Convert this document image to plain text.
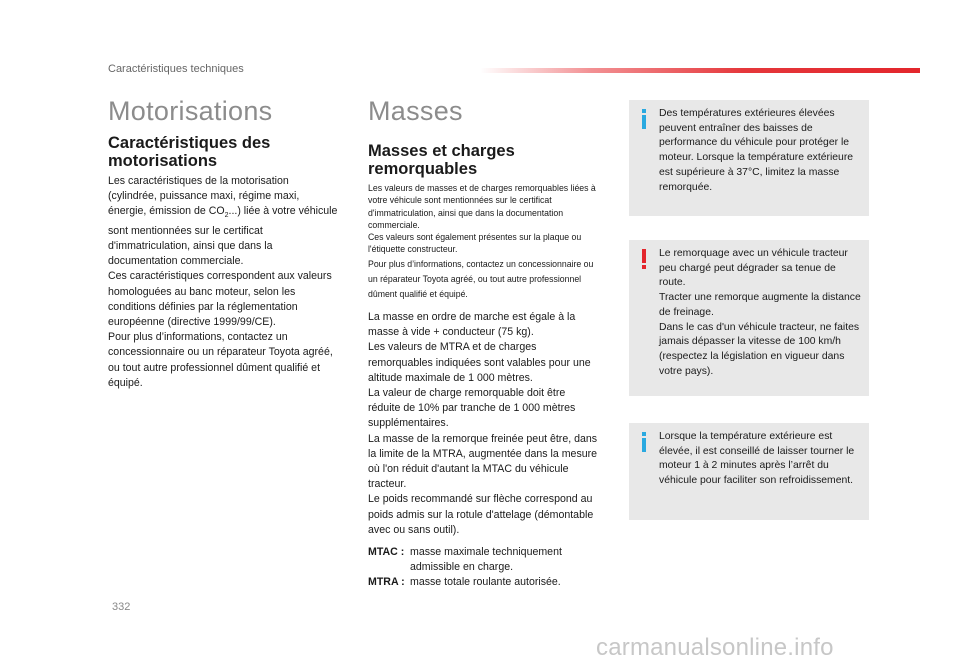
Caractéristiques techniques
Motorisations
Caractéristiques des
motorisations

Les caractéristiques de la motorisation (cylindrée, puissance maxi, régime maxi, énergie, émission de $CO_2$...) liée à votre véhicule sont mentionnées sur le certificat d'immatriculation, ainsi que dans la documentation commerciale.

Ces caractéristiques correspondent aux valeurs homologuées au banc moteur, selon les conditions définies par la réglementation européenne (directive 1999/99/CE).

Pour plus d’informations, contactez un concessionnaire ou un réparateur Toyota agréé, ou tout autre professionnel dûment qualifié et équipé.

Masses
Masses et charges
remorquables

Les valeurs de masses et de charges remorquables liées à votre véhicule sont mentionnées sur le certificat d'immatriculation, ainsi que dans la documentation commerciale.

Ces valeurs sont également présentes sur la plaque ou l'étiquette constructeur.

Pour plus d’informations, contactez un concessionnaire ou un réparateur Toyota agréé, ou tout autre professionnel dûment qualifié et équipé.

La masse en ordre de marche est égale à la masse à vide + conducteur (75 kg).

Les valeurs de MTRA et de charges remorquables indiquées sont valables pour une altitude maximale de 1 000 mètres.

La valeur de charge remorquable doit être réduite de 10% par tranche de 1 000 mètres supplémentaires.

La masse de la remorque freinée peut être, dans la limite de la MTRA, augmentée dans la mesure où l'on réduit d'autant la MTAC du véhicule tracteur.

Le poids recommandé sur flèche correspond au poids admis sur la rotule d'attelage (démontable avec ou sans outil).

MTAC : masse maximale techniquement admissible en charge.
MTRA : masse totale roulante autorisée.

Des températures extérieures élevées peuvent entraîner des baisses de performance du véhicule pour protéger le moteur. Lorsque la température extérieure est supérieure à 37°C, limitez la masse remorquée.

Le remorquage avec un véhicule tracteur peu chargé peut dégrader sa tenue de route.

Tracter une remorque augmente la distance de freinage.

Dans le cas d'un véhicule tracteur, ne faites jamais dépasser la vitesse de 100 km/h (respectez la législation en vigueur dans votre pays).

Lorsque la température extérieure est élevée, il est conseillé de laisser tourner le moteur 1 à 2 minutes après l’arrêt du véhicule pour faciliter son refroidissement.

332
carmanualsonline.info
